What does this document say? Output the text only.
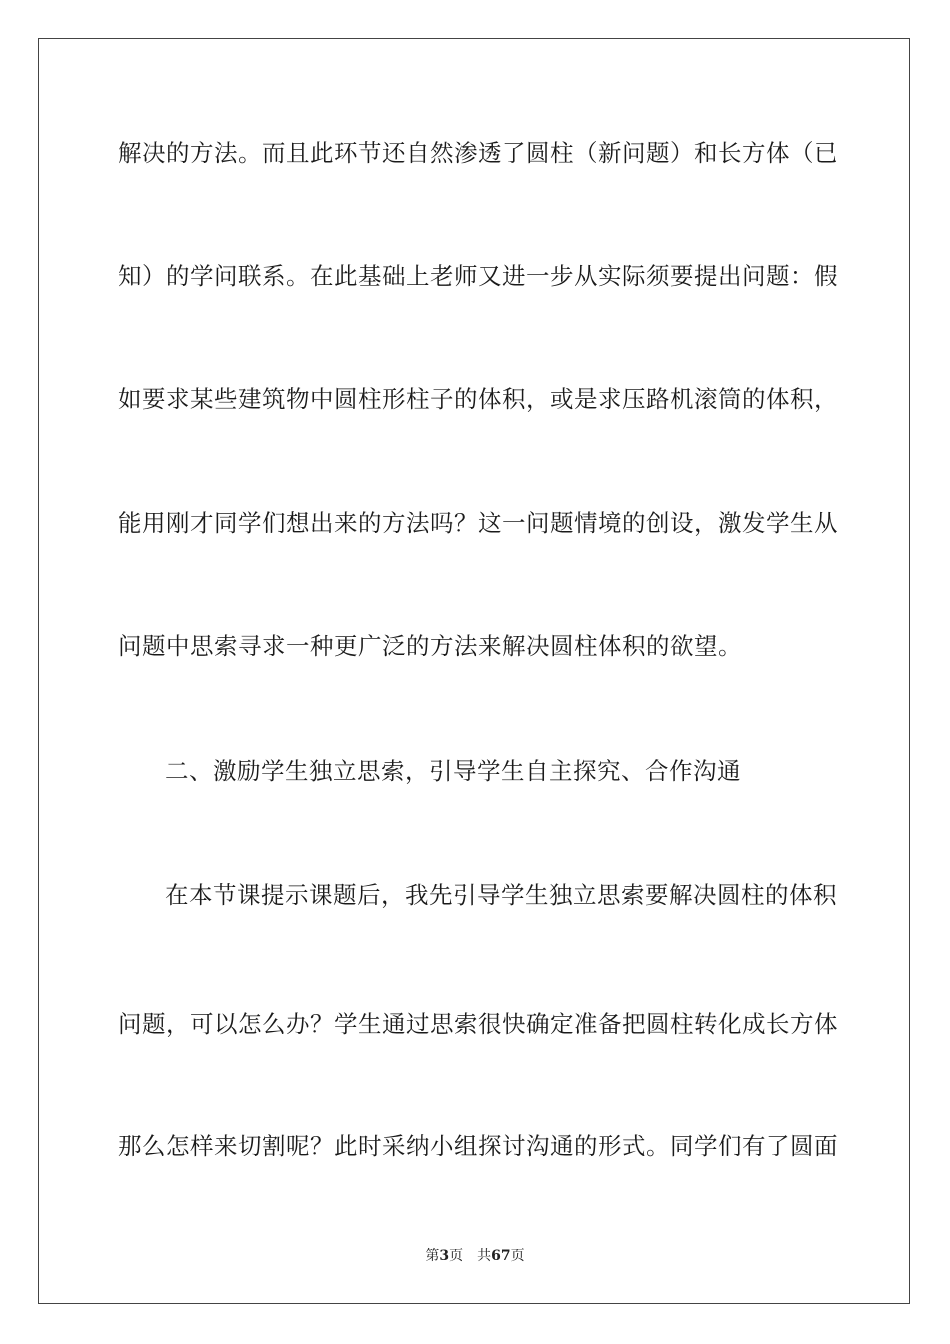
解决的方法。而且此环节还自然渗透了圆柱（新问题）和长方体（已
知）的学问联系。在此基础上老师又进一步从实际须要提出问题：假
如要求某些建筑物中圆柱形柱子的体积，或是求压路机滚筒的体积，
能用刚才同学们想出来的方法吗？这一问题情境的创设，激发学生从
问题中思索寻求一种更广泛的方法来解决圆柱体积的欲望。
二、激励学生独立思索，引导学生自主探究、合作沟通
在本节课提示课题后，我先引导学生独立思索要解决圆柱的体积
问题，可以怎么办？学生通过思索很快确定准备把圆柱转化成长方体
那么怎样来切割呢？此时采纳小组探讨沟通的形式。同学们有了圆面
第3页 共67页
